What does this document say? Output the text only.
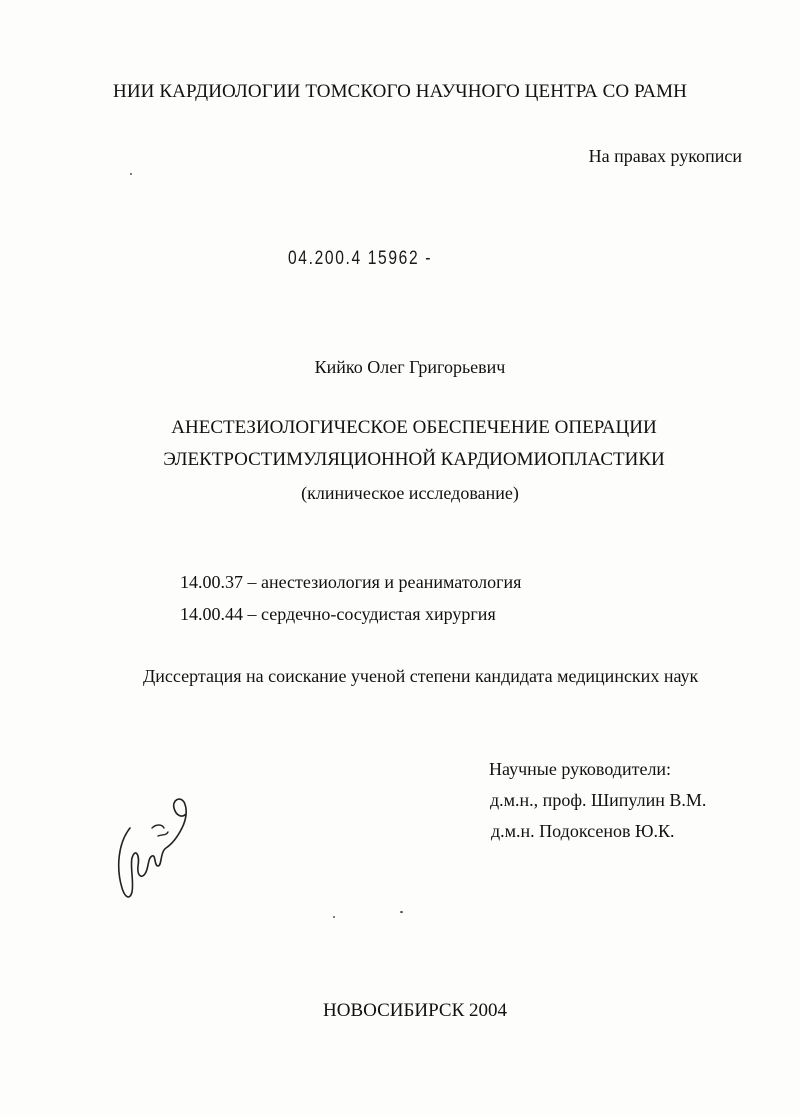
НИИ КАРДИОЛОГИИ ТОМСКОГО НАУЧНОГО ЦЕНТРА СО РАМН
На правах рукописи
04.200.4 15962 -
Кийко Олег Григорьевич
АНЕСТЕЗИОЛОГИЧЕСКОЕ ОБЕСПЕЧЕНИЕ ОПЕРАЦИИ
ЭЛЕКТРОСТИМУЛЯЦИОННОЙ КАРДИОМИОПЛАСТИКИ
(клиническое исследование)
14.00.37 – анестезиология и реаниматология
14.00.44 – сердечно-сосудистая хирургия
Диссертация на соискание ученой степени кандидата медицинских наук
Научные руководители:
д.м.н., проф. Шипулин В.М.
д.м.н. Подоксенов Ю.К.
НОВОСИБИРСК 2004
